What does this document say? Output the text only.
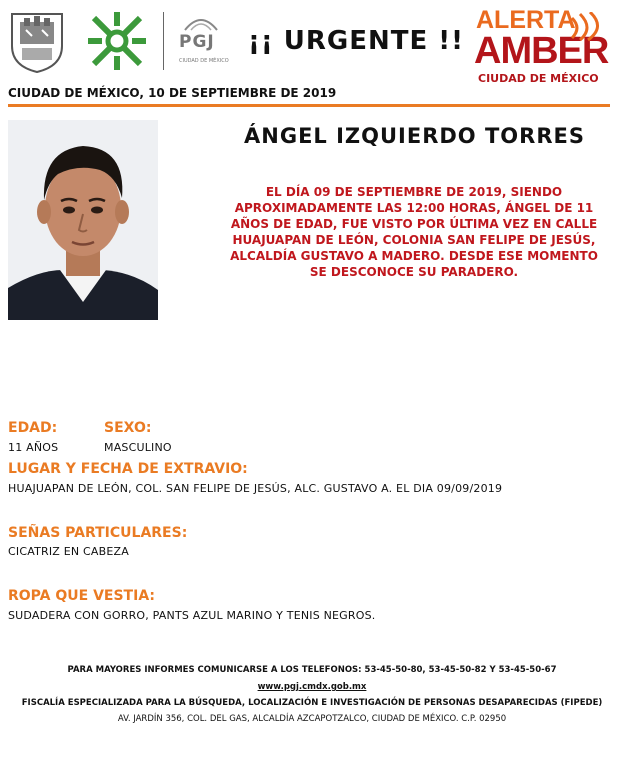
PGJ
CIUDAD DE MÉXICO
¡¡ URGENTE !!
ALERTA
AMBER
CIUDAD DE MÉXICO
CIUDAD DE MÉXICO, 10 DE SEPTIEMBRE DE 2019
ÁNGEL IZQUIERDO TORRES
EL DÍA 09 DE SEPTIEMBRE DE 2019, SIENDO APROXIMADAMENTE LAS 12:00 HORAS, ÁNGEL DE 11 AÑOS DE EDAD, FUE VISTO POR ÚLTIMA VEZ EN CALLE HUAJUAPAN DE LEÓN, COLONIA SAN FELIPE DE JESÚS, ALCALDÍA GUSTAVO A MADERO. DESDE ESE MOMENTO SE DESCONOCE SU PARADERO.
EDAD:	SEXO:
11 AÑOS	MASCULINO
LUGAR Y FECHA DE EXTRAVIO:
HUAJUAPAN DE LEÓN, COL. SAN FELIPE DE JESÚS, ALC. GUSTAVO A. EL DIA 09/09/2019
SEÑAS PARTICULARES:
CICATRIZ EN CABEZA
ROPA QUE VESTIA:
SUDADERA CON GORRO, PANTS AZUL MARINO Y TENIS NEGROS.
PARA MAYORES INFORMES COMUNICARSE A LOS TELEFONOS: 53-45-50-80, 53-45-50-82 Y 53-45-50-67
www.pgj.cmdx.gob.mx
FISCALÍA ESPECIALIZADA PARA LA BÚSQUEDA, LOCALIZACIÓN E INVESTIGACIÓN DE PERSONAS DESAPARECIDAS (FIPEDE)
AV. JARDÍN 356, COL. DEL GAS, ALCALDÍA AZCAPOTZALCO, CIUDAD DE MÉXICO. C.P. 02950
